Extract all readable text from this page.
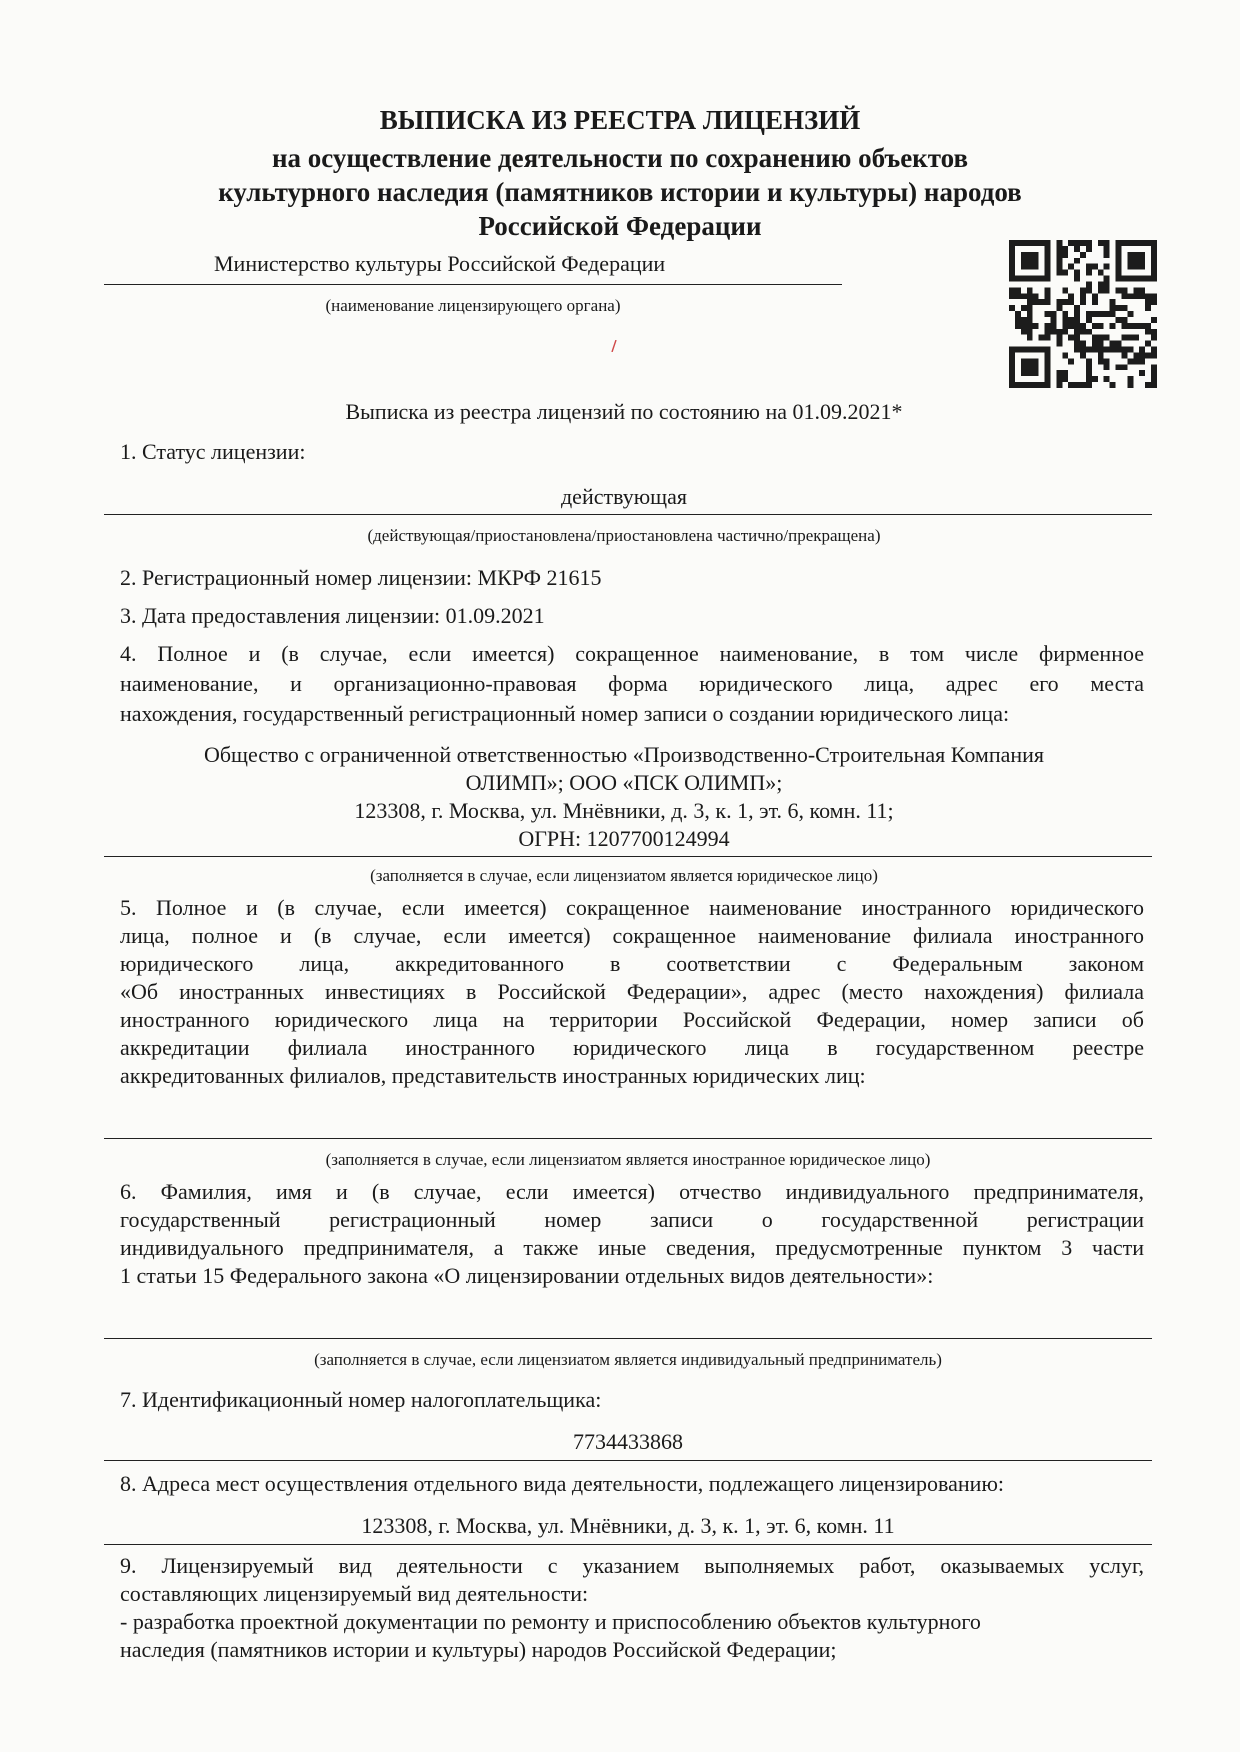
ВЫПИСКА ИЗ РЕЕСТРА ЛИЦЕНЗИЙ
на осуществление деятельности по сохранению объектов
культурного наследия (памятников истории и культуры) народов
Российской Федерации
Министерство культуры Российской Федерации
(наименование лицензирующего органа)
Выписка из реестра лицензий по состоянию на 01.09.2021*
1. Статус лицензии:
действующая
(действующая/приостановлена/приостановлена частично/прекращена)
2. Регистрационный номер лицензии: МКРФ 21615
3. Дата предоставления лицензии: 01.09.2021
4. Полное и (в случае, если имеется) сокращенное наименование, в том числе фирменное
наименование, и организационно-правовая форма юридического лица, адрес его места
нахождения, государственный регистрационный номер записи о создании юридического лица:
Общество с ограниченной ответственностью «Производственно-Строительная Компания
ОЛИМП»; ООО «ПСК ОЛИМП»;
123308, г. Москва, ул. Мнёвники, д. 3, к. 1, эт. 6, комн. 11;
ОГРН: 1207700124994
(заполняется в случае, если лицензиатом является юридическое лицо)
5. Полное и (в случае, если имеется) сокращенное наименование иностранного юридического
лица, полное и (в случае, если имеется) сокращенное наименование филиала иностранного
юридического лица, аккредитованного в соответствии с Федеральным законом
«Об иностранных инвестициях в Российской Федерации», адрес (место нахождения) филиала
иностранного юридического лица на территории Российской Федерации, номер записи об
аккредитации филиала иностранного юридического лица в государственном реестре
аккредитованных филиалов, представительств иностранных юридических лиц:
(заполняется в случае, если лицензиатом является иностранное юридическое лицо)
6. Фамилия, имя и (в случае, если имеется) отчество индивидуального предпринимателя,
государственный регистрационный номер записи о государственной регистрации
индивидуального предпринимателя, а также иные сведения, предусмотренные пунктом 3 части
1 статьи 15 Федерального закона «О лицензировании отдельных видов деятельности»:
(заполняется в случае, если лицензиатом является индивидуальный предприниматель)
7. Идентификационный номер налогоплательщика:
7734433868
8. Адреса мест осуществления отдельного вида деятельности, подлежащего лицензированию:
123308, г. Москва, ул. Мнёвники, д. 3, к. 1, эт. 6, комн. 11
9. Лицензируемый вид деятельности с указанием выполняемых работ, оказываемых услуг,
составляющих лицензируемый вид деятельности:
- разработка проектной документации по ремонту и приспособлению объектов культурного
наследия (памятников истории и культуры) народов Российской Федерации;
